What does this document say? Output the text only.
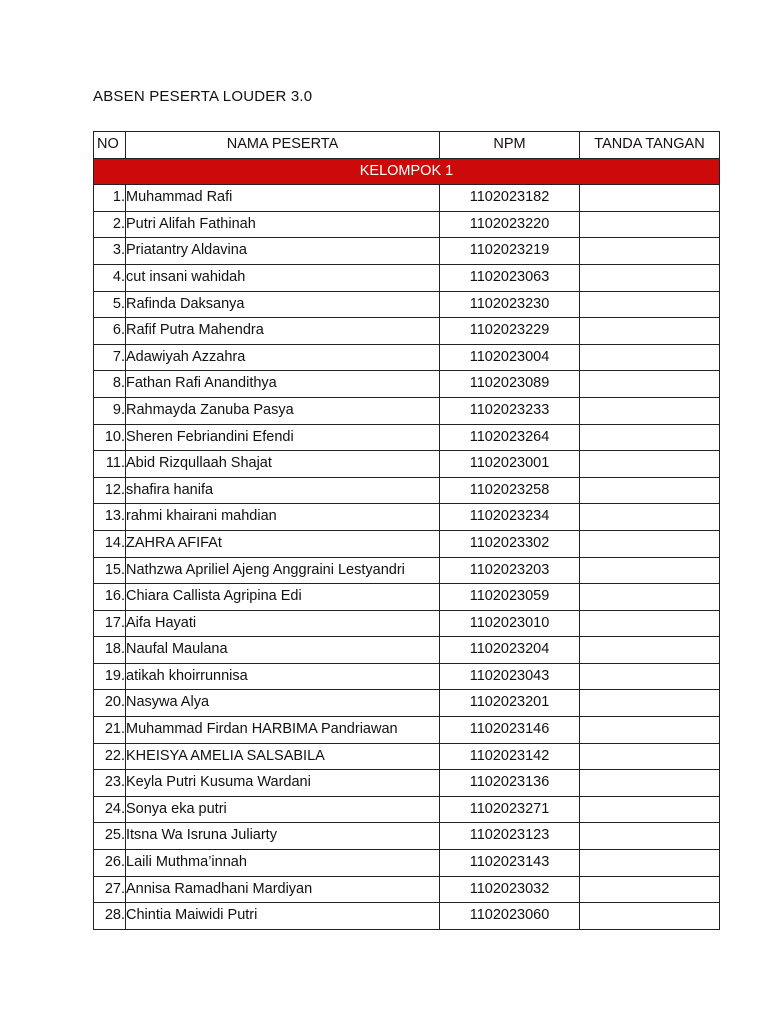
ABSEN PESERTA LOUDER 3.0
NO	NAMA PESERTA	NPM	TANDA TANGAN
KELOMPOK 1			
1.	Muhammad Rafi	1102023182	
2.	Putri Alifah Fathinah	1102023220	
3.	Priatantry Aldavina	1102023219	
4.	cut insani wahidah	1102023063	
5.	Rafinda Daksanya	1102023230	
6.	Rafif Putra Mahendra	1102023229	
7.	Adawiyah Azzahra	1102023004	
8.	Fathan Rafi Anandithya	1102023089	
9.	Rahmayda Zanuba Pasya	1102023233	
10.	Sheren Febriandini Efendi	1102023264	
11.	Abid Rizqullaah Shajat	1102023001	
12.	shafira hanifa	1102023258	
13.	rahmi khairani mahdian	1102023234	
14.	ZAHRA AFIFAt	1102023302	
15.	Nathzwa Apriliel Ajeng Anggraini Lestyandri	1102023203	
16.	Chiara Callista Agripina Edi	1102023059	
17.	Aifa Hayati	1102023010	
18.	Naufal Maulana	1102023204	
19.	atikah khoirrunnisa	1102023043	
20.	Nasywa Alya	1102023201	
21.	Muhammad Firdan HARBIMA Pandriawan	1102023146	
22.	KHEISYA AMELIA SALSABILA	1102023142	
23.	Keyla Putri Kusuma Wardani	1102023136	
24.	Sonya eka putri	1102023271	
25.	Itsna Wa Isruna Juliarty	1102023123	
26.	Laili Muthma’innah	1102023143	
27.	Annisa Ramadhani Mardiyan	1102023032	
28.	Chintia Maiwidi Putri	1102023060	
